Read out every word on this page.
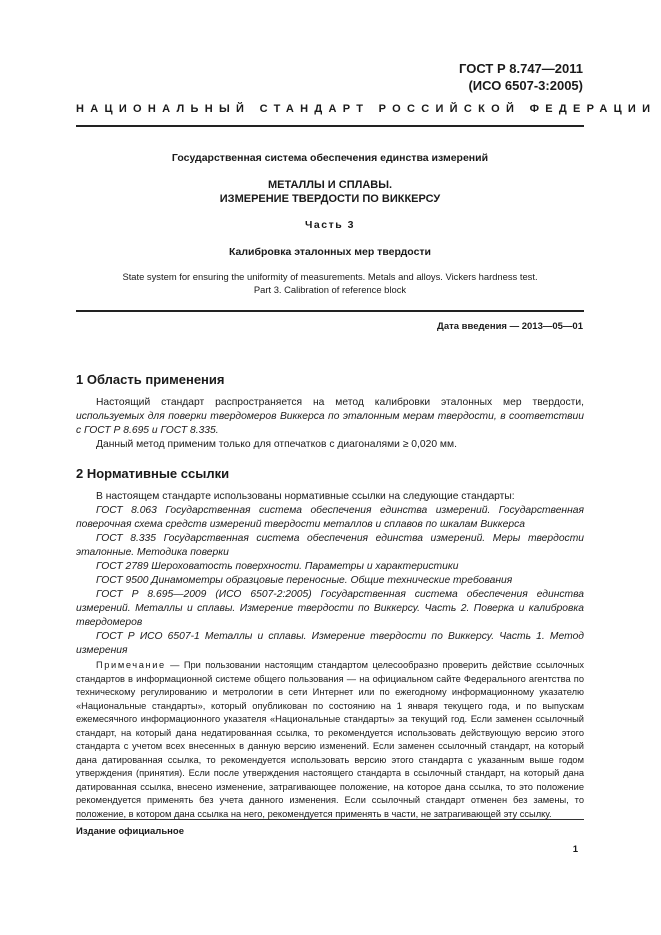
ГОСТ Р 8.747—2011
(ИСО 6507-3:2005)
НАЦИОНАЛЬНЫЙ СТАНДАРТ РОССИЙСКОЙ ФЕДЕРАЦИИ
Государственная система обеспечения единства измерений
МЕТАЛЛЫ И СПЛАВЫ.
ИЗМЕРЕНИЕ ТВЕРДОСТИ ПО ВИККЕРСУ
Часть 3
Калибровка эталонных мер твердости
State system for ensuring the uniformity of measurements. Metals and alloys. Vickers hardness test.
Part 3. Calibration of reference block
Дата введения — 2013—05—01
1 Область применения

Настоящий стандарт распространяется на метод калибровки эталонных мер твердости, используемых для поверки твердомеров Виккерса по эталонным мерам твердости, в соответствии с ГОСТ Р 8.695 и ГОСТ 8.335.

Данный метод применим только для отпечатков с диагоналями ≥ 0,020 мм.

2 Нормативные ссылки

В настоящем стандарте использованы нормативные ссылки на следующие стандарты:

ГОСТ 8.063 Государственная система обеспечения единства измерений. Государственная поверочная схема средств измерений твердости металлов и сплавов по шкалам Виккерса

ГОСТ 8.335 Государственная система обеспечения единства измерений. Меры твердости эталонные. Методика поверки

ГОСТ 2789 Шероховатость поверхности. Параметры и характеристики

ГОСТ 9500 Динамометры образцовые переносные. Общие технические требования

ГОСТ Р 8.695—2009 (ИСО 6507-2:2005) Государственная система обеспечения единства измерений. Металлы и сплавы. Измерение твердости по Виккерсу. Часть 2. Поверка и калибровка твердомеров

ГОСТ Р ИСО 6507-1 Металлы и сплавы. Измерение твердости по Виккерсу. Часть 1. Метод измерения

Примечание — При пользовании настоящим стандартом целесообразно проверить действие ссылочных стандартов в информационной системе общего пользования — на официальном сайте Федерального агентства по техническому регулированию и метрологии в сети Интернет или по ежегодному информационному указателю «Национальные стандарты», который опубликован по состоянию на 1 января текущего года, и по выпускам ежемесячного информационного указателя «Национальные стандарты» за текущий год. Если заменен ссылочный стандарт, на который дана недатированная ссылка, то рекомендуется использовать действующую версию этого стандарта с учетом всех внесенных в данную версию изменений. Если заменен ссылочный стандарт, на который дана датированная ссылка, то рекомендуется использовать версию этого стандарта с указанным выше годом утверждения (принятия). Если после утверждения настоящего стандарта в ссылочный стандарт, на который дана датированная ссылка, внесено изменение, затрагивающее положение, на которое дана ссылка, то это положение рекомендуется применять без учета данного изменения. Если ссылочный стандарт отменен без замены, то положение, в котором дана ссылка на него, рекомендуется применять в части, не затрагивающей эту ссылку.

Издание официальное
1
